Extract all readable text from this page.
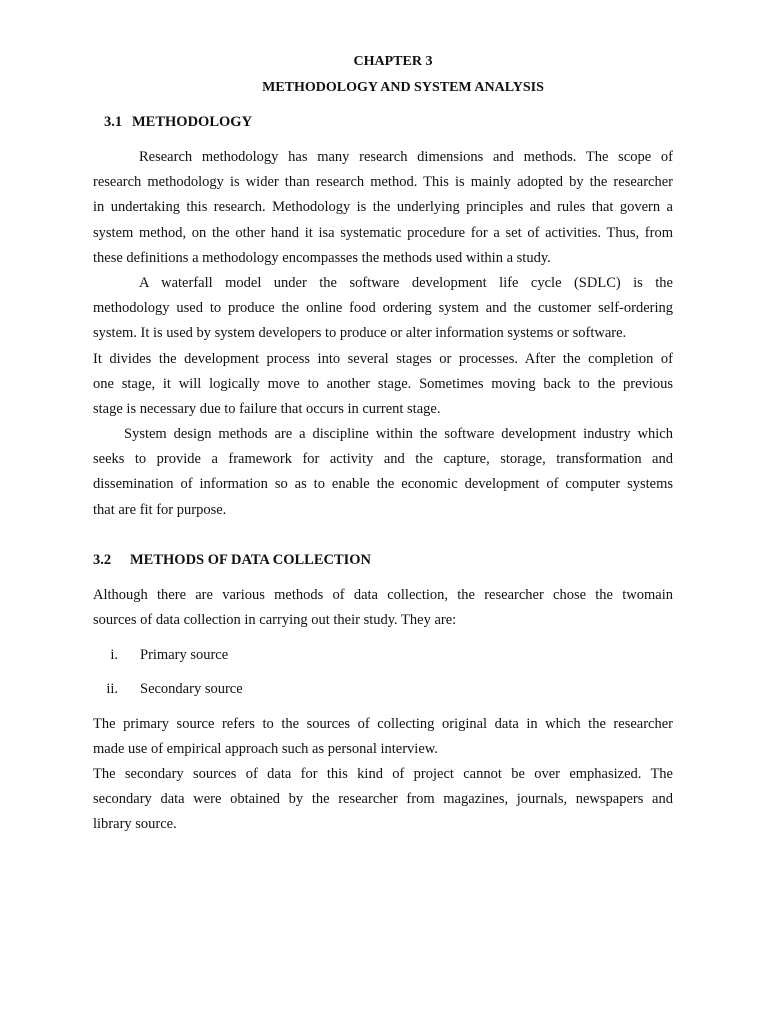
CHAPTER 3
METHODOLOGY AND SYSTEM ANALYSIS
3.1 METHODOLOGY
Research methodology has many research dimensions and methods. The scope of
research methodology is wider than research method. This is mainly adopted by the researcher
in undertaking this research. Methodology is the underlying principles and rules that govern a
system method, on the other hand it isa systematic procedure for a set of activities. Thus, from
these definitions a methodology encompasses the methods used within a study.
A waterfall model under the software development life cycle (SDLC) is the
methodology used to produce the online food ordering system and the customer self-ordering
system. It is used by system developers to produce or alter information systems or software.
It divides the development process into several stages or processes. After the completion of
one stage, it will logically move to another stage. Sometimes moving back to the previous
stage is necessary due to failure that occurs in current stage.
System design methods are a discipline within the software development industry which
seeks to provide a framework for activity and the capture, storage, transformation and
dissemination of information so as to enable the economic development of computer systems
that are fit for purpose.
3.2 METHODS OF DATA COLLECTION
Although there are various methods of data collection, the researcher chose the twomain
sources of data collection in carrying out their study. They are:
i. Primary source
ii. Secondary source
The primary source refers to the sources of collecting original data in which the researcher
made use of empirical approach such as personal interview.
The secondary sources of data for this kind of project cannot be over emphasized. The
secondary data were obtained by the researcher from magazines, journals, newspapers and
library source.
